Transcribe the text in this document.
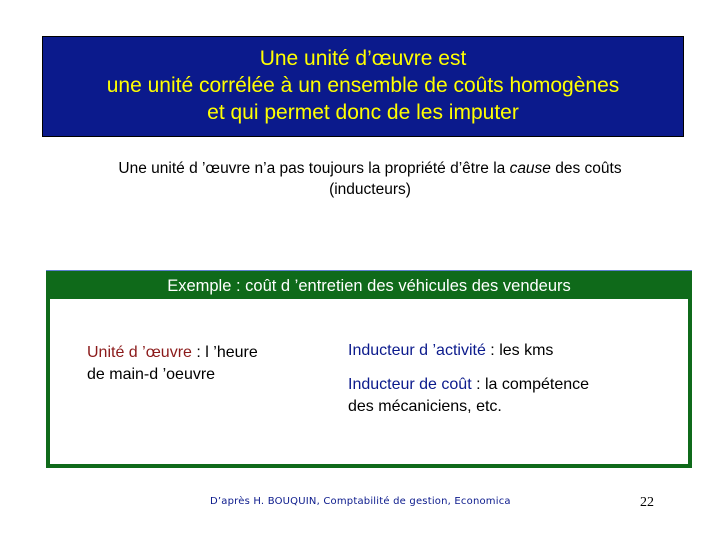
Une unité d’œuvre est
une unité corrélée à un ensemble de coûts homogènes
et qui permet donc de les imputer
Une unité d ’œuvre n’a pas toujours la propriété d’être la cause des coûts
(inducteurs)
Exemple : coût d ’entretien des véhicules des vendeurs
Unité d ’œuvre : l ’heure
de main-d ’oeuvre
Inducteur d ’activité : les kms
Inducteur de coût : la compétence
des mécaniciens, etc.
D’après H. BOUQUIN, Comptabilité de gestion, Economica	22
